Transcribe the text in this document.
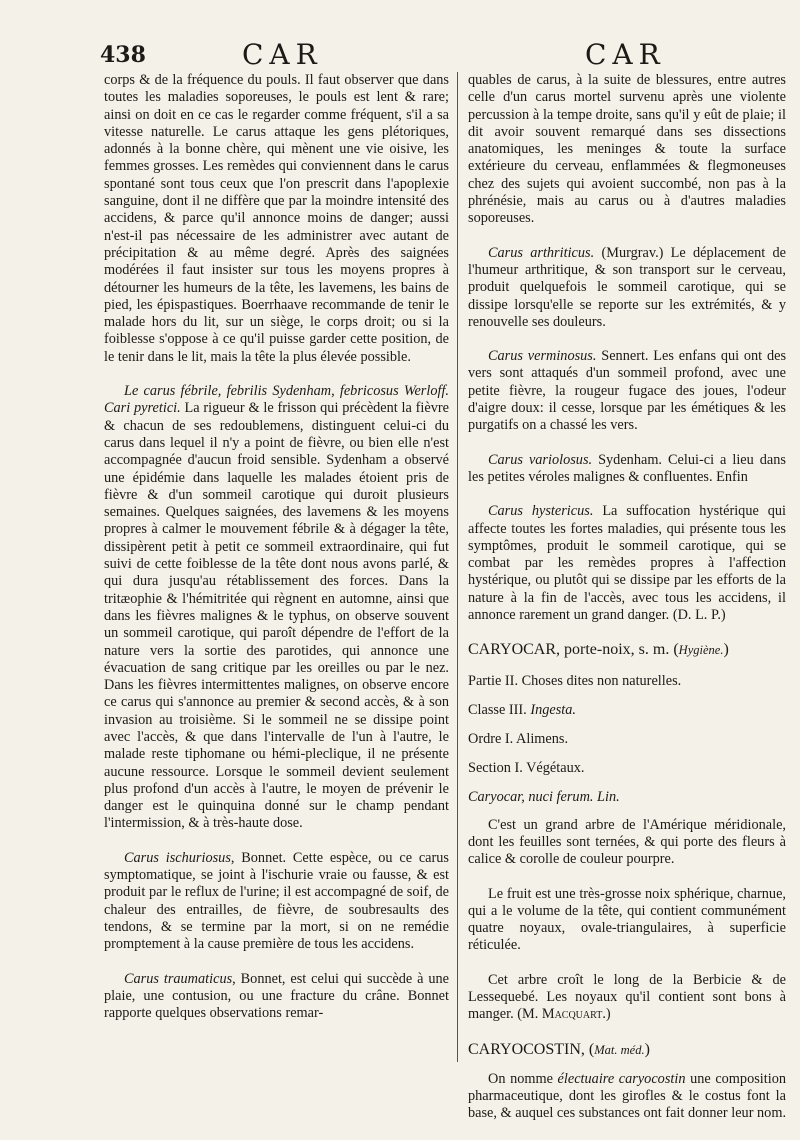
438	CAR	CAR

corps & de la fréquence du pouls. Il faut observer que dans toutes les maladies soporeuses, le pouls est lent & rare; ainsi on doit en ce cas le regarder comme fréquent, s'il a sa vitesse naturelle. Le carus attaque les gens plétoriques, adonnés à la bonne chère, qui mènent une vie oisive, les femmes grosses. Les remèdes qui conviennent dans le carus spontané sont tous ceux que l'on prescrit dans l'apoplexie sanguine, dont il ne diffère que par la moindre intensité des accidens, & parce qu'il annonce moins de danger; aussi n'est-il pas nécessaire de les administrer avec autant de précipitation & au même degré. Après des saignées modérées il faut insister sur tous les moyens propres à détourner les humeurs de la tête, les lavemens, les bains de pied, les épispastiques. Boerrhaave recommande de tenir le malade hors du lit, sur un siège, le corps droit; ou si la foiblesse s'oppose à ce qu'il puisse garder cette position, de le tenir dans le lit, mais la tête la plus élevée possible.

Le carus fébrile, febrilis Sydenham, febricosus Werloff. Cari pyretici. La rigueur & le frisson qui précèdent la fièvre & chacun de ses redoublemens, distinguent celui-ci du carus dans lequel il n'y a point de fièvre, ou bien elle n'est accompagnée d'aucun froid sensible. Sydenham a observé une épidémie dans laquelle les malades étoient pris de fièvre & d'un sommeil carotique qui duroit plusieurs semaines. Quelques saignées, des lavemens & les moyens propres à calmer le mouvement fébrile & à dégager la tête, dissipèrent petit à petit ce sommeil extraordinaire, qui fut suivi de cette foiblesse de la tête dont nous avons parlé, & qui dura jusqu'au rétablissement des forces. Dans la tritæophie & l'hémitritée qui règnent en automne, ainsi que dans les fièvres malignes & le typhus, on observe souvent un sommeil carotique, qui paroît dépendre de l'effort de la nature vers la sortie des parotides, qui annonce une évacuation de sang critique par les oreilles ou par le nez. Dans les fièvres intermittentes malignes, on observe encore ce carus qui s'annonce au premier & second accès, & à son invasion au troisième. Si le sommeil ne se dissipe point avec l'accès, & que dans l'intervalle de l'un à l'autre, le malade reste tiphomane ou hémi-pleclique, il ne présente aucune ressource. Lorsque le sommeil devient seulement plus profond d'un accès à l'autre, le moyen de prévenir le danger est le quinquina donné sur le champ pendant l'intermission, & à très-haute dose.

Carus ischuriosus, Bonnet. Cette espèce, ou ce carus symptomatique, se joint à l'ischurie vraie ou fausse, & est produit par le reflux de l'urine; il est accompagné de soif, de chaleur des entrailles, de fièvre, de soubresaults des tendons, & se termine par la mort, si on ne remédie promptement à la cause première de tous les accidens.

Carus traumaticus, Bonnet, est celui qui succède à une plaie, une contusion, ou une fracture du crâne. Bonnet rapporte quelques observations remar-

quables de carus, à la suite de blessures, entre autres celle d'un carus mortel survenu après une violente percussion à la tempe droite, sans qu'il y eût de plaie; il dit avoir souvent remarqué dans ses dissections anatomiques, les meninges & toute la surface extérieure du cerveau, enflammées & flegmoneuses chez des sujets qui avoient succombé, non pas à la phrénésie, mais au carus ou à d'autres maladies soporeuses.

Carus arthriticus. (Murgrav.) Le déplacement de l'humeur arthritique, & son transport sur le cerveau, produit quelquefois le sommeil carotique, qui se dissipe lorsqu'elle se reporte sur les extrémités, & y renouvelle ses douleurs.

Carus verminosus. Sennert. Les enfans qui ont des vers sont attaqués d'un sommeil profond, avec une petite fièvre, la rougeur fugace des joues, l'odeur d'aigre doux: il cesse, lorsque par les émétiques & les purgatifs on a chassé les vers.

Carus variolosus. Sydenham. Celui-ci a lieu dans les petites véroles malignes & confluentes. Enfin

Carus hystericus. La suffocation hystérique qui affecte toutes les fortes maladies, qui présente tous les symptômes, produit le sommeil carotique, qui se combat par les remèdes propres à l'affection hystérique, ou plutôt qui se dissipe par les efforts de la nature à la fin de l'accès, avec tous les accidens, il annonce rarement un grand danger. (D. L. P.)

CARYOCAR, porte-noix, s. m. (Hygiène.)

Partie II. Choses dites non naturelles.

Classe III. Ingesta.

Ordre I. Alimens.

Section I. Végétaux.

Caryocar, nuci ferum. Lin.

C'est un grand arbre de l'Amérique méridionale, dont les feuilles sont ternées, & qui porte des fleurs à calice & corolle de couleur pourpre.

Le fruit est une très-grosse noix sphérique, charnue, qui a le volume de la tête, qui contient communément quatre noyaux, ovale-triangulaires, à superficie réticulée.

Cet arbre croît le long de la Berbicie & de Lessequebé. Les noyaux qu'il contient sont bons à manger. (M. Macquart.)

CARYOCOSTIN, (Mat. méd.)

On nomme électuaire caryocostin une composition pharmaceutique, dont les girofles & le costus font la base, & auquel ces substances ont fait donner leur nom.
